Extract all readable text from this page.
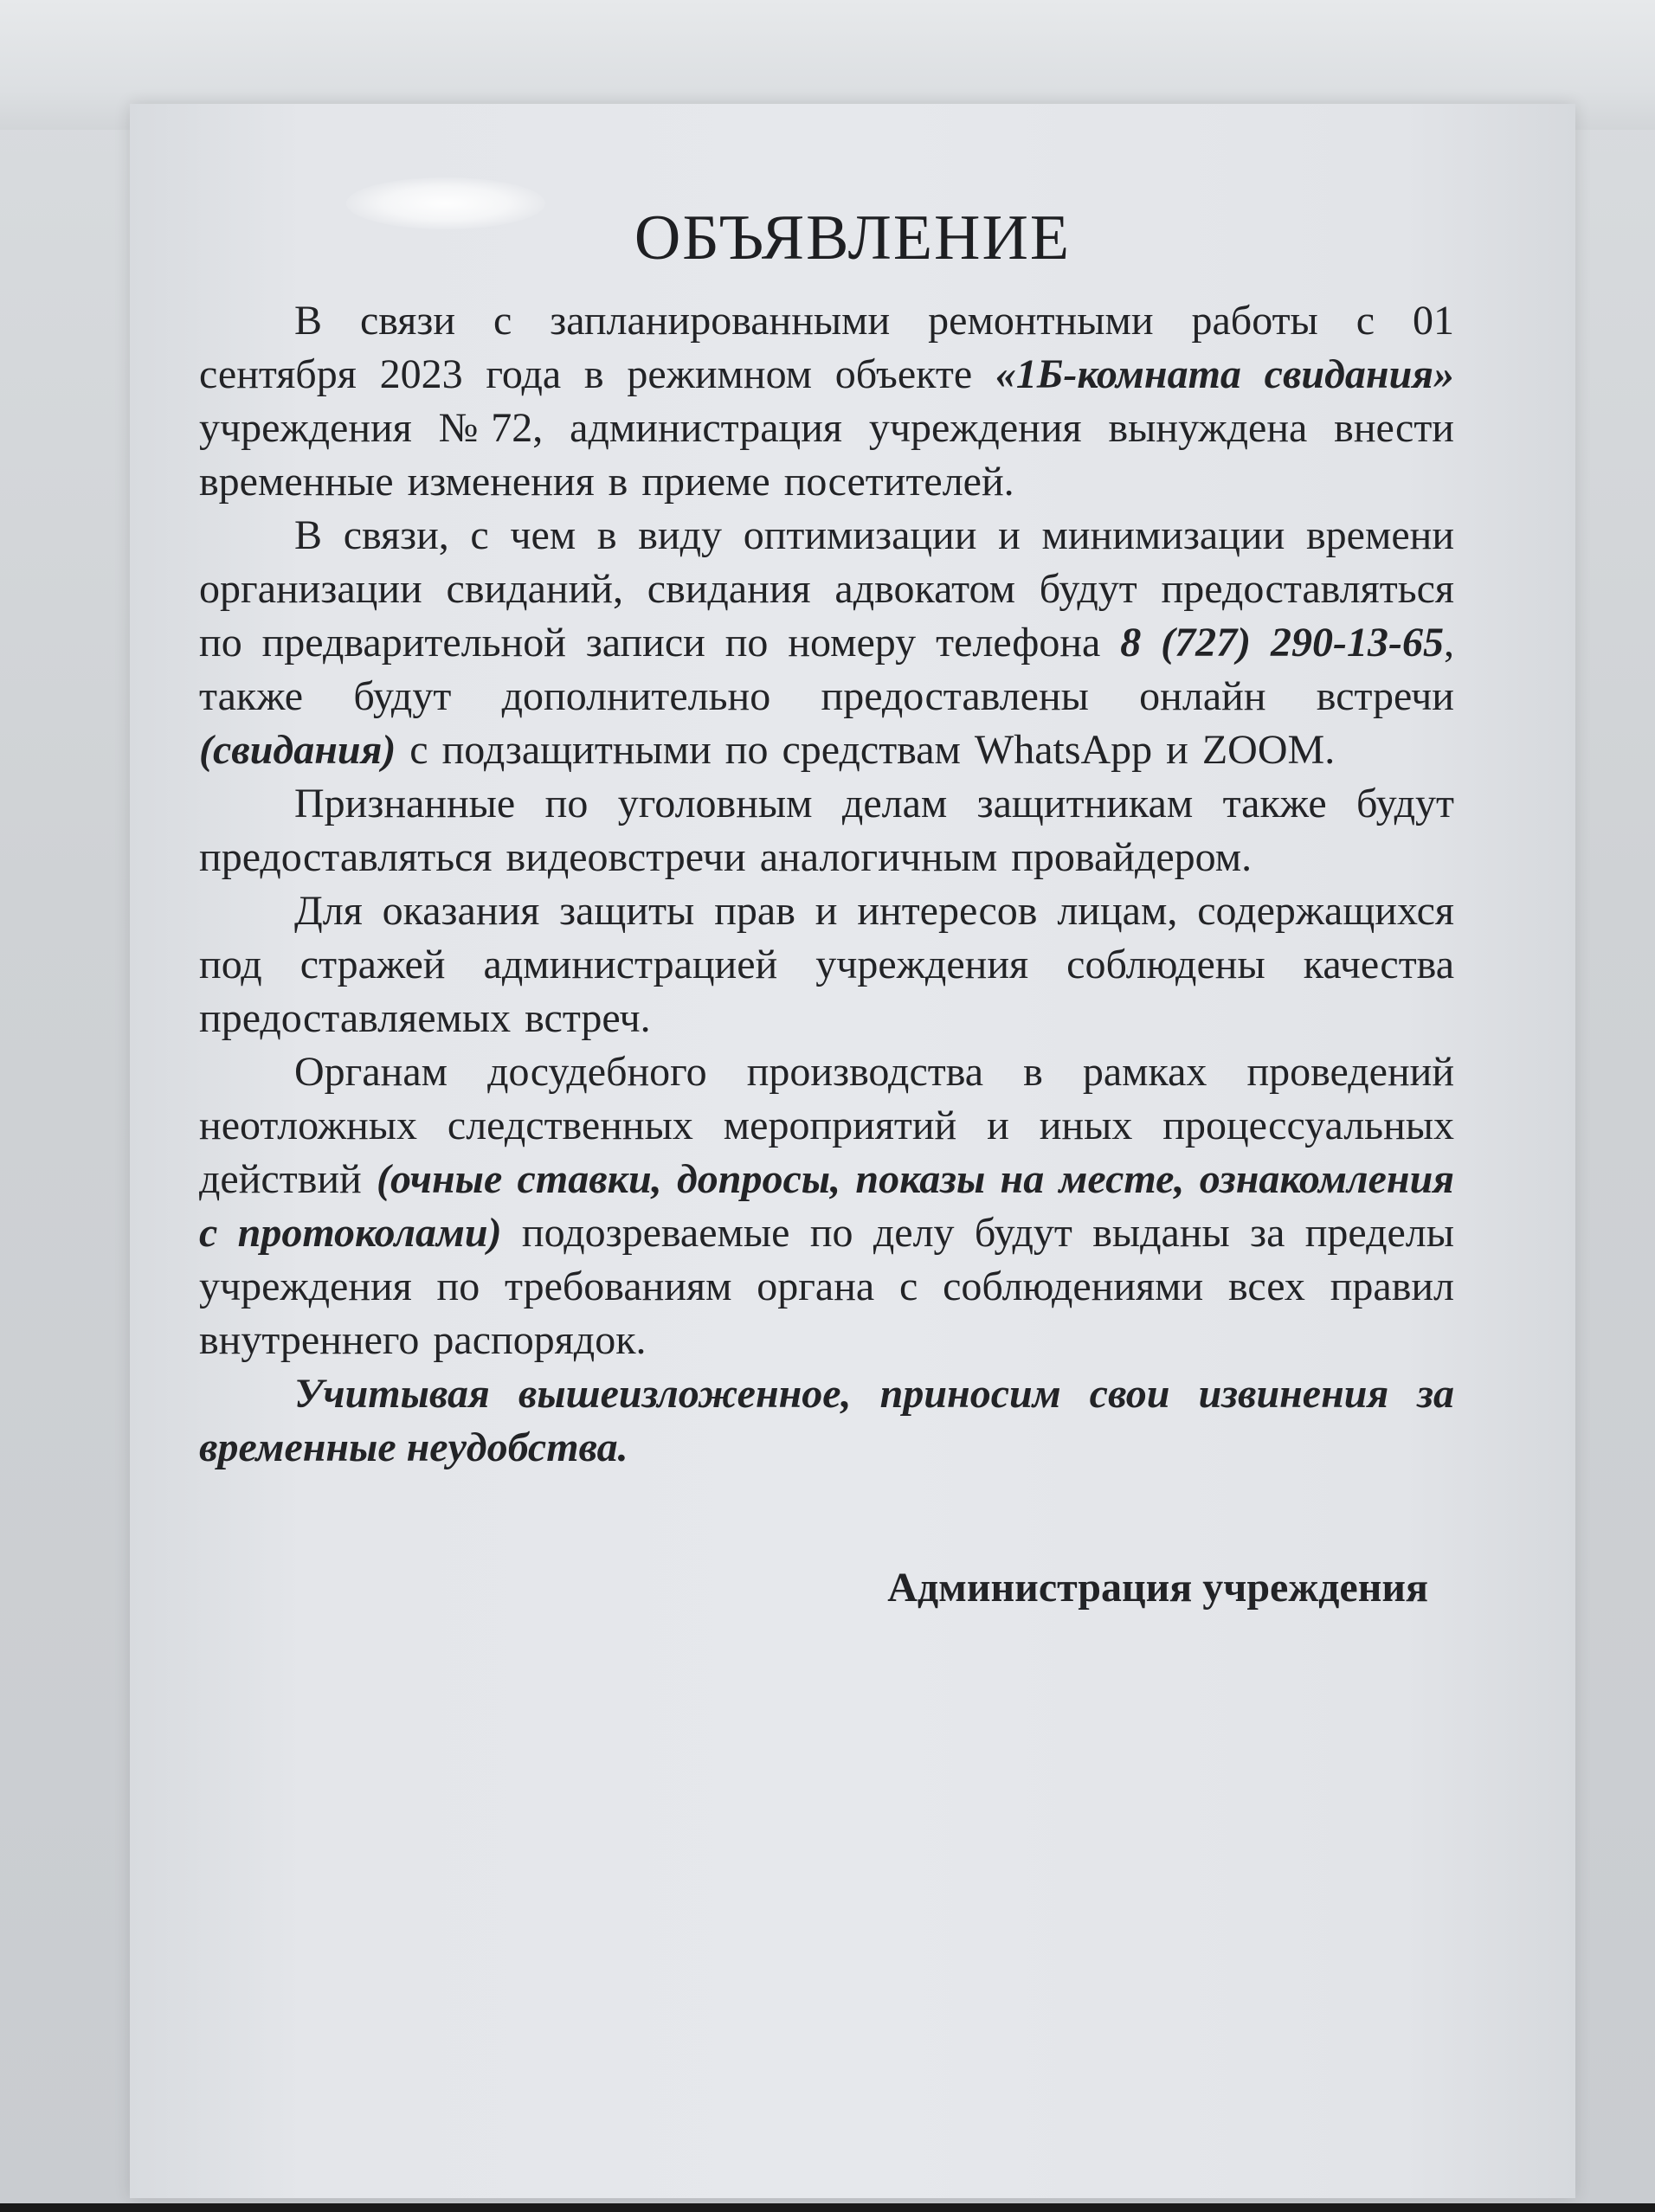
ОБЪЯВЛЕНИЕ

В связи с запланированными ремонтными работы с 01 сентября 2023 года в режимном объекте «1Б-комната свидания» учреждения №72, администрация учреждения вынуждена внести временные изменения в приеме посетителей.

В связи, с чем в виду оптимизации и минимизации времени организации свиданий, свидания адвокатом будут предоставляться по предварительной записи по номеру телефона 8 (727) 290-13-65, также будут дополнительно предоставлены онлайн встречи (свидания) с подзащитными по средствам WhatsApp и ZOOM.

Признанные по уголовным делам защитникам также будут предоставляться видеовстречи аналогичным провайдером.

Для оказания защиты прав и интересов лицам, содержащихся под стражей администрацией учреждения соблюдены качества предоставляемых встреч.

Органам досудебного производства в рамках проведений неотложных следственных мероприятий и иных процессуальных действий (очные ставки, допросы, показы на месте, ознакомления с протоколами) подозреваемые по делу будут выданы за пределы учреждения по требованиям органа с соблюдениями всех правил внутреннего распорядок.

Учитывая вышеизложенное, приносим свои извинения за временные неудобства.

Администрация учреждения
